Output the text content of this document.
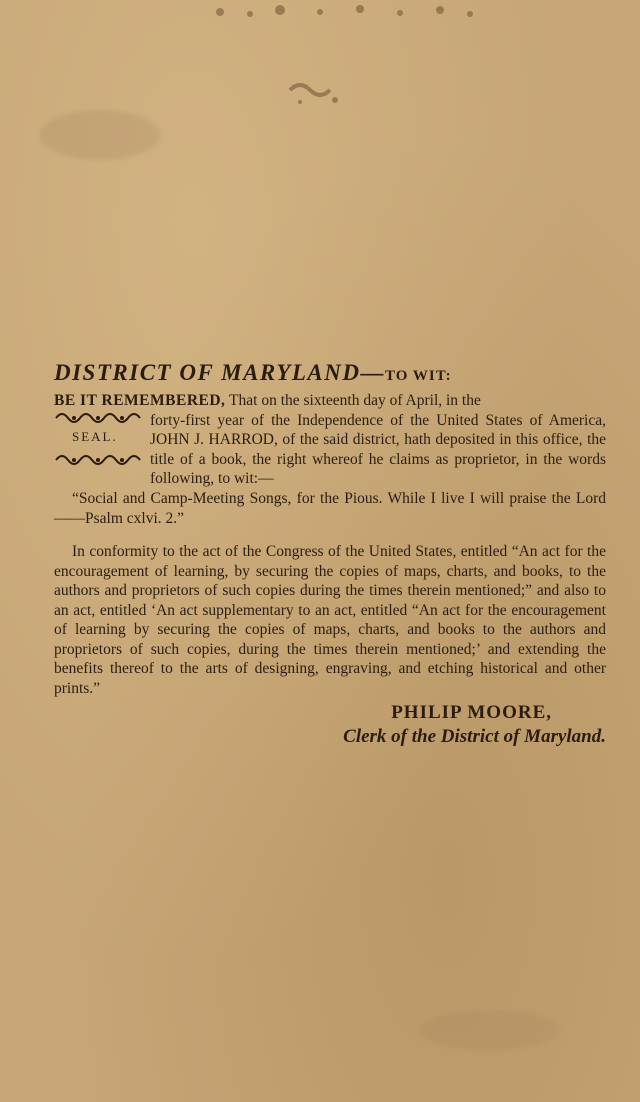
DISTRICT OF MARYLAND—TO WIT:
BE IT REMEMBERED, That on the sixteenth day of April, in the
forty-first year of the Independence of the United States of America, JOHN J. HARROD, of the said district, hath deposited in this office, the title of a book, the right whereof he claims as proprietor, in the words following, to wit:—
SEAL.

“Social and Camp-Meeting Songs, for the Pious. While I live I will praise the Lord——Psalm cxlvi. 2.”

In conformity to the act of the Congress of the United States, entitled “An act for the encouragement of learning, by securing the copies of maps, charts, and books, to the authors and proprietors of such copies during the times therein mentioned;” and also to an act, entitled ‘An act supplementary to an act, entitled “An act for the encouragement of learning by securing the copies of maps, charts, and books to the authors and proprietors of such copies, during the times therein mentioned;’ and extending the benefits thereof to the arts of designing, engraving, and etching historical and other prints.”

PHILIP MOORE,
Clerk of the District of Maryland.
